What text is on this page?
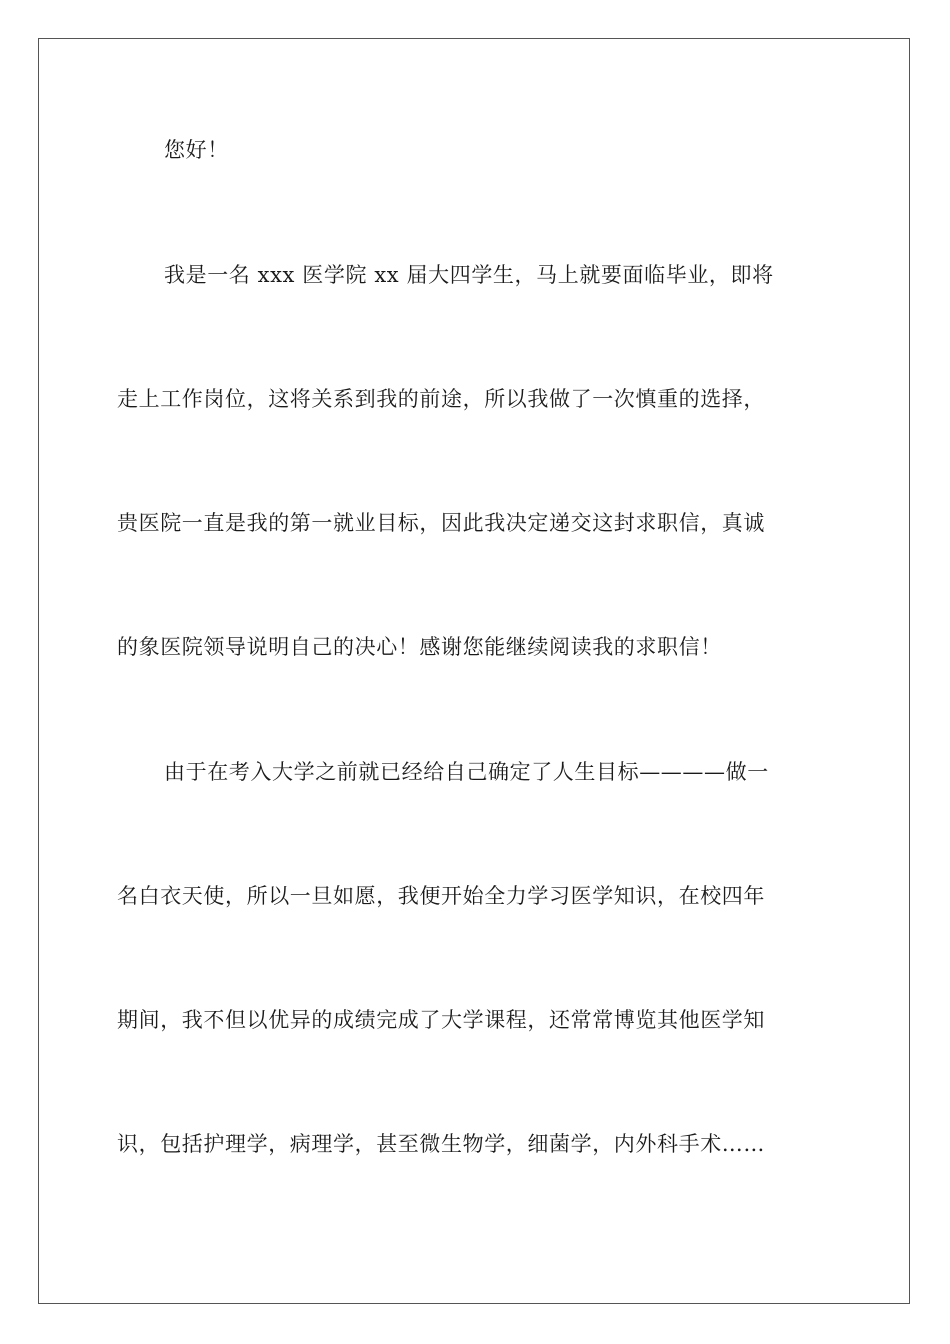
您好！
我是一名 xxx 医学院 xx 届大四学生，马上就要面临毕业，即将
走上工作岗位，这将关系到我的前途，所以我做了一次慎重的选择，
贵医院一直是我的第一就业目标，因此我决定递交这封求职信，真诚
的象医院领导说明自己的决心！感谢您能继续阅读我的求职信！
由于在考入大学之前就已经给自己确定了人生目标————做一
名白衣天使，所以一旦如愿，我便开始全力学习医学知识，在校四年
期间，我不但以优异的成绩完成了大学课程，还常常博览其他医学知
识，包括护理学，病理学，甚至微生物学，细菌学，内外科手术……
